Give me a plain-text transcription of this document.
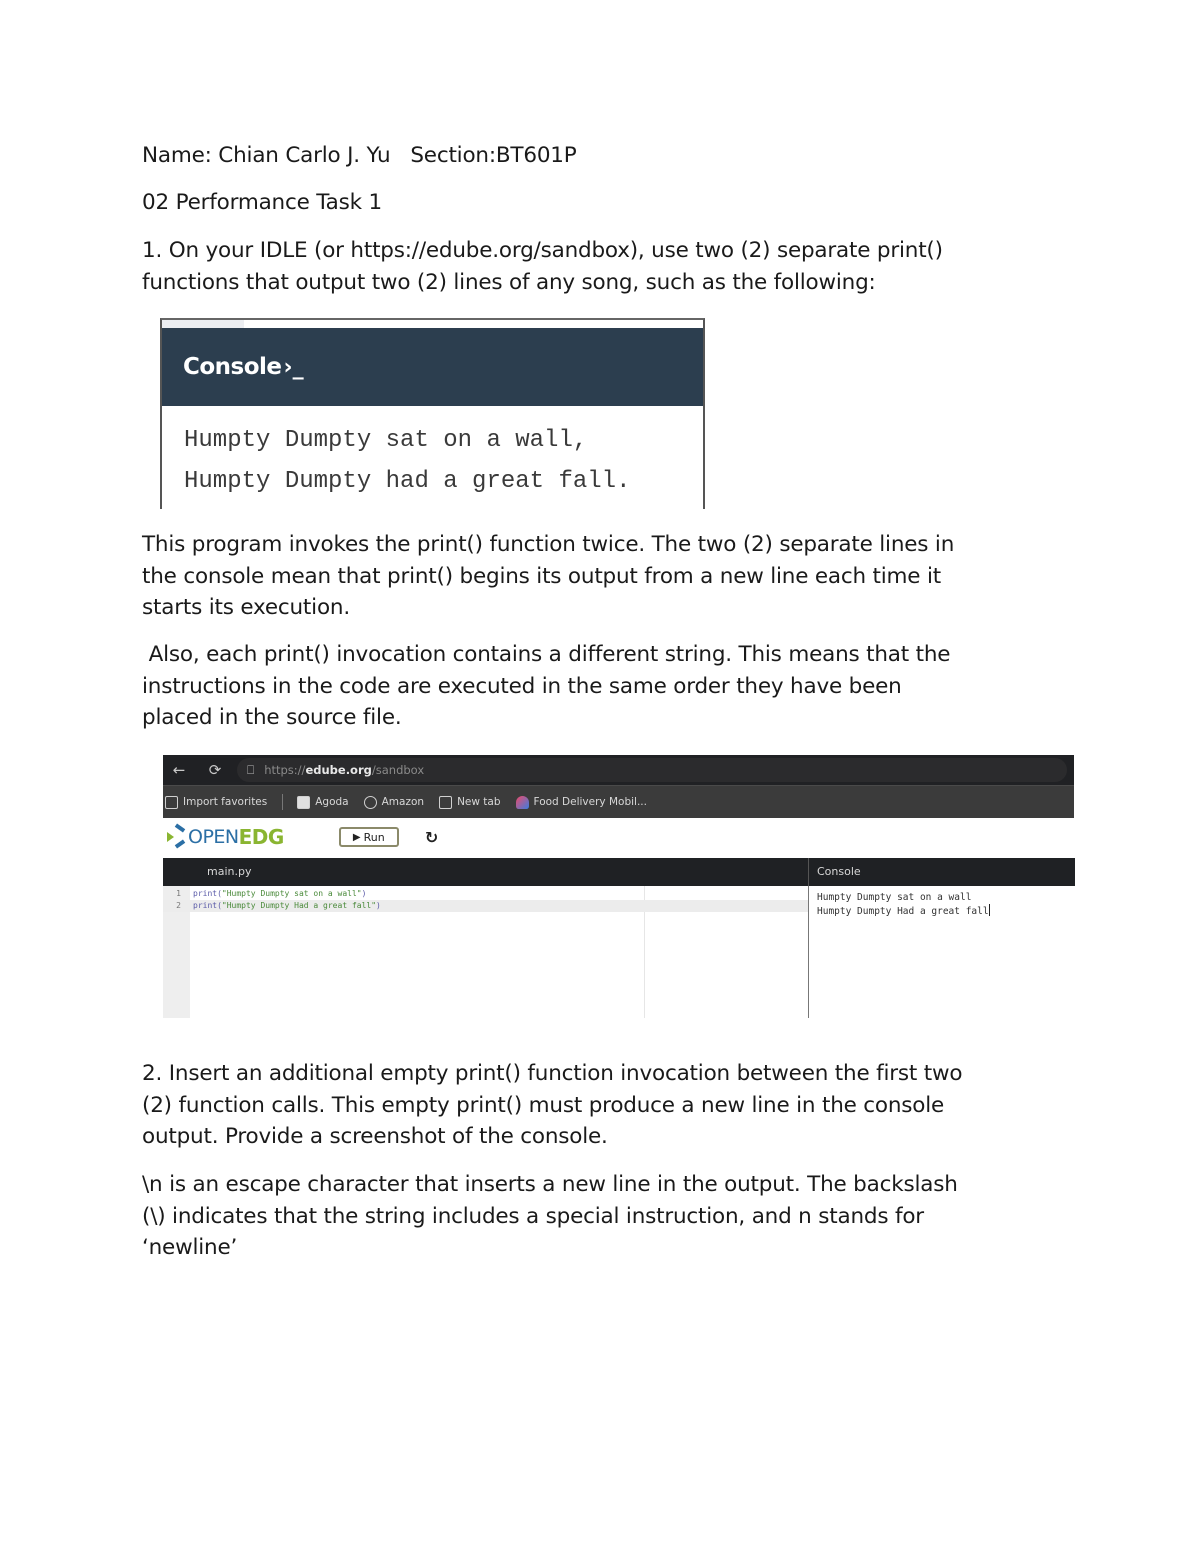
Name: Chian Carlo J. Yu   Section:BT601P
02 Performance Task 1
1. On your IDLE (or https://edube.org/sandbox), use two (2) separate print()
functions that output two (2) lines of any song, such as the following:
Console ›_
Humpty Dumpty sat on a wall,
Humpty Dumpty had a great fall.
This program invokes the print() function twice. The two (2) separate lines in
the console mean that print() begins its output from a new line each time it
starts its execution.
Also, each print() invocation contains a different string. This means that the
instructions in the code are executed in the same order they have been
placed in the source file.
←	⟳	⎕ https:// edube.org /sandbox
Import favorites	Agoda	Amazon	New tab	Food Delivery Mobil...
OPEN EDG	▶ Run	↻
main.py	Console
1 print("Humpty Dumpty sat on a wall")
2 print("Humpty Dumpty Had a great fall")
Humpty Dumpty sat on a wall
Humpty Dumpty Had a great fall
2. Insert an additional empty print() function invocation between the first two
(2) function calls. This empty print() must produce a new line in the console
output. Provide a screenshot of the console.
\n is an escape character that inserts a new line in the output. The backslash
(\) indicates that the string includes a special instruction, and n stands for
‘newline’
